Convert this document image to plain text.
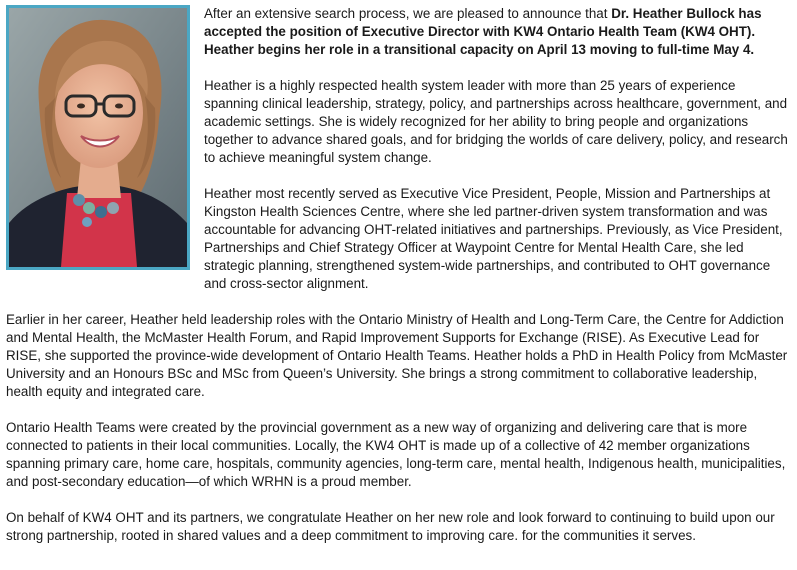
After an extensive search process, we are pleased to announce that Dr. Heather Bullock has accepted the position of Executive Director with KW4 Ontario Health Team (KW4 OHT). Heather begins her role in a transitional capacity on April 13 moving to full-time May 4.

Heather is a highly respected health system leader with more than 25 years of experience spanning clinical leadership, strategy, policy, and partnerships across healthcare, government, and academic settings. She is widely recognized for her ability to bring people and organizations together to advance shared goals, and for bridging the worlds of care delivery, policy, and research to achieve meaningful system change.

Heather most recently served as Executive Vice President, People, Mission and Partnerships at Kingston Health Sciences Centre, where she led partner-driven system transformation and was accountable for advancing OHT-related initiatives and partnerships. Previously, as Vice President, Partnerships and Chief Strategy Officer at Waypoint Centre for Mental Health Care, she led strategic planning, strengthened system-wide partnerships, and contributed to OHT governance and cross-sector alignment.

Earlier in her career, Heather held leadership roles with the Ontario Ministry of Health and Long-Term Care, the Centre for Addiction and Mental Health, the McMaster Health Forum, and Rapid Improvement Supports for Exchange (RISE). As Executive Lead for RISE, she supported the province-wide development of Ontario Health Teams. Heather holds a PhD in Health Policy from McMaster University and an Honours BSc and MSc from Queen’s University. She brings a strong commitment to collaborative leadership, health equity and integrated care.

Ontario Health Teams were created by the provincial government as a new way of organizing and delivering care that is more connected to patients in their local communities. Locally, the KW4 OHT is made up of a collective of 42 member organizations spanning primary care, home care, hospitals, community agencies, long-term care, mental health, Indigenous health, municipalities, and post-secondary education—of which WRHN is a proud member.

On behalf of KW4 OHT and its partners, we congratulate Heather on her new role and look forward to continuing to build upon our strong partnership, rooted in shared values and a deep commitment to improving care. for the communities it serves.
